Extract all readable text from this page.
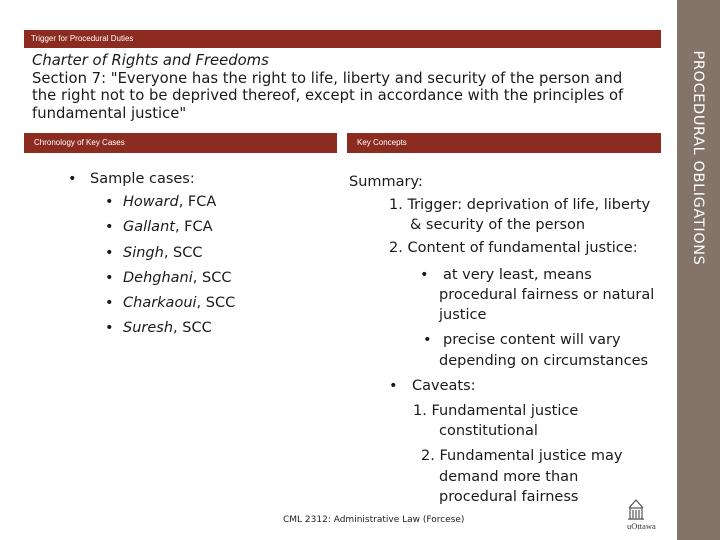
Trigger for Procedural Duties
PROCEDURAL OBLIGATIONS
Charter of Rights and Freedoms
Section 7: "Everyone has the right to life, liberty and security of the person and
the right not to be deprived thereof, except in accordance with the principles of
fundamental justice"
Chronology of Key Cases	Key Concepts
• Sample cases:
• Howard, FCA
• Gallant, FCA
• Singh, SCC
• Dehghani, SCC
• Charkaoui, SCC
• Suresh, SCC
Summary:
1. Trigger: deprivation of life, liberty
& security of the person
2. Content of fundamental justice:
• at very least, means
procedural fairness or natural
justice
• precise content will vary
depending on circumstances
• Caveats:
1. Fundamental justice
constitutional
2. Fundamental justice may
demand more than
procedural fairness
CML 2312: Administrative Law (Forcese)
uOttawa
